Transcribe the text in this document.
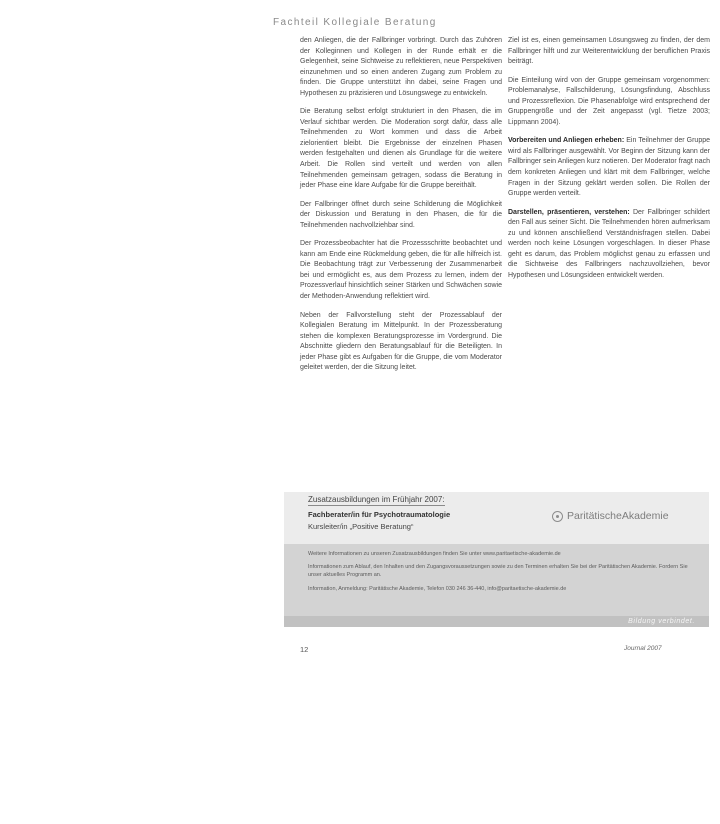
Fachteil Kollegiale Beratung

den Anliegen, die der Fallbringer vorbringt. Durch das Zuhören der Kolleginnen und Kollegen in der Runde erhält er die Gelegenheit, seine Sichtweise zu reflektieren, neue Perspektiven einzunehmen und so einen anderen Zugang zum Problem zu finden. Die Gruppe unterstützt ihn dabei, seine Fragen und Hypothesen zu präzisieren und Lösungswege zu entwickeln.

Die Beratung selbst erfolgt strukturiert in den Phasen, die im Verlauf sichtbar werden. Die Moderation sorgt dafür, dass alle Teilnehmenden zu Wort kommen und dass die Arbeit zielorientiert bleibt. Die Ergebnisse der einzelnen Phasen werden festgehalten und dienen als Grundlage für die weitere Arbeit. Die Rollen sind verteilt und werden von allen Teilnehmenden gemeinsam getragen, sodass die Beratung in jeder Phase eine klare Aufgabe für die Gruppe bereithält.

Der Fallbringer öffnet durch seine Schilderung die Möglichkeit der Diskussion und Beratung in den Phasen, die für die Teilnehmenden nachvollziehbar sind.

Der Prozessbeobachter hat die Prozessschritte beobachtet und kann am Ende eine Rückmeldung geben, die für alle hilfreich ist. Die Beobachtung trägt zur Verbesserung der Zusammenarbeit bei und ermöglicht es, aus dem Prozess zu lernen, indem der Prozessverlauf hinsichtlich seiner Stärken und Schwächen sowie der Methoden-Anwendung reflektiert wird.

Neben der Fallvorstellung steht der Prozessablauf der Kollegialen Beratung im Mittelpunkt. In der Prozessberatung stehen die komplexen Beratungsprozesse im Vordergrund. Die Abschnitte gliedern den Beratungsablauf für die Beteiligten. In jeder Phase gibt es Aufgaben für die Gruppe, die vom Moderator geleitet werden, der die Sitzung leitet.

Ziel ist es, einen gemeinsamen Lösungsweg zu finden, der dem Fallbringer hilft und zur Weiterentwicklung der beruflichen Praxis beiträgt.

Die Einteilung wird von der Gruppe gemeinsam vorgenommen: Problemanalyse, Fallschilderung, Lösungsfindung, Abschluss und Prozessreflexion. Die Phasenabfolge wird entsprechend der Gruppengröße und der Zeit angepasst (vgl. Tietze 2003; Lippmann 2004).

Vorbereiten und Anliegen erheben: Ein Teilnehmer der Gruppe wird als Fallbringer ausgewählt. Vor Beginn der Sitzung kann der Fallbringer sein Anliegen kurz notieren. Der Moderator fragt nach dem konkreten Anliegen und klärt mit dem Fallbringer, welche Fragen in der Sitzung geklärt werden sollen. Die Rollen der Gruppe werden verteilt.

Darstellen, präsentieren, verstehen: Der Fallbringer schildert den Fall aus seiner Sicht. Die Teilnehmenden hören aufmerksam zu und können anschließend Verständnisfragen stellen. Dabei werden noch keine Lösungen vorgeschlagen. In dieser Phase geht es darum, das Problem möglichst genau zu erfassen und die Sichtweise des Fallbringers nachzuvollziehen, bevor Hypothesen und Lösungsideen entwickelt werden.

Zusatzausbildungen im Frühjahr 2007:
Fachberater/in für Psychotraumatologie
Kursleiter/in „Positive Beratung“
ParitätischeAkademie

Weitere Informationen zu unseren Zusatzausbildungen finden Sie unter www.paritaetische-akademie.de

Informationen zum Ablauf, den Inhalten und den Zugangsvoraussetzungen sowie zu den Terminen erhalten Sie bei der Paritätischen Akademie. Fordern Sie unser aktuelles Programm an.

Information, Anmeldung: Paritätische Akademie, Telefon 030 246 36-440, info@paritaetische-akademie.de

Bildung verbindet.
12	Journal 2007
